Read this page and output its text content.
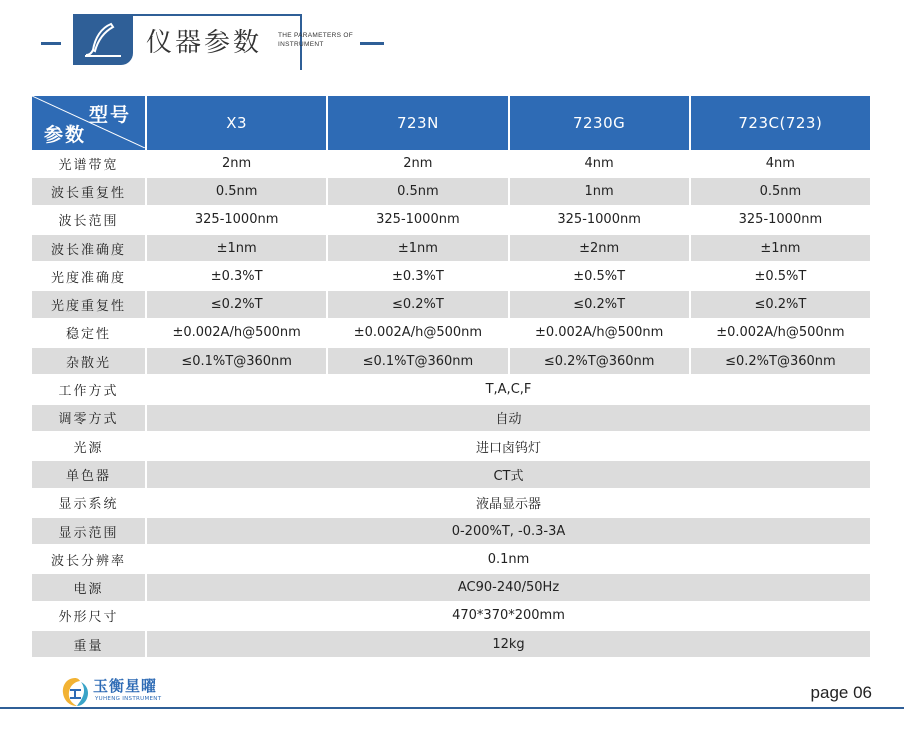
仪器参数 THE PARAMETERS OF
INSTRUMENT
型号
参数	X3	723N	7230G	723C(723)
光谱带宽	2nm	2nm	4nm	4nm
波长重复性	0.5nm	0.5nm	1nm	0.5nm
波长范围	325-1000nm	325-1000nm	325-1000nm	325-1000nm
波长准确度	±1nm	±1nm	±2nm	±1nm
光度准确度	±0.3%T	±0.3%T	±0.5%T	±0.5%T
光度重复性	≤0.2%T	≤0.2%T	≤0.2%T	≤0.2%T
稳定性	±0.002A/h@500nm	±0.002A/h@500nm	±0.002A/h@500nm	±0.002A/h@500nm
杂散光	≤0.1%T@360nm	≤0.1%T@360nm	≤0.2%T@360nm	≤0.2%T@360nm
工作方式	T,A,C,F			
调零方式	自动			
光源	进口卤钨灯			
单色器	CT式			
显示系统	液晶显示器			
显示范围	0-200%T, -0.3-3A			
波长分辨率	0.1nm			
电源	AC90-240/50Hz			
外形尺寸	470*370*200mm			
重量	12kg			
玉衡星曜
YUHENG INSTRUMENT	page 06
